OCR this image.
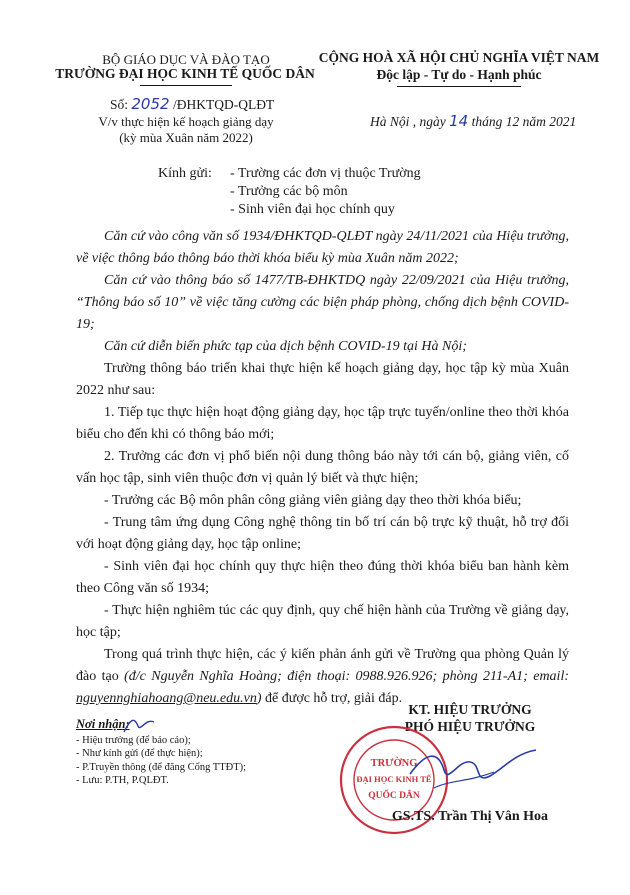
BỘ GIÁO DỤC VÀ ĐÀO TẠO
TRƯỜNG ĐẠI HỌC KINH TẾ QUỐC DÂN
CỘNG HOÀ XÃ HỘI CHỦ NGHĨA VIỆT NAM
Độc lập - Tự do - Hạnh phúc
Số: 2052 /ĐHKTQD-QLĐT
V/v thực hiện kế hoạch giảng dạy
(kỳ mùa Xuân năm 2022)
Hà Nội , ngày 14 tháng 12 năm 2021
Kính gửi: - Trường các đơn vị thuộc Trường
- Trưởng các bộ môn
- Sinh viên đại học chính quy

Căn cứ vào công văn số 1934/ĐHKTQD-QLĐT ngày 24/11/2021 của Hiệu trưởng, về việc thông báo thông báo thời khóa biểu kỳ mùa Xuân năm 2022;

Căn cứ vào thông báo số 1477/TB-ĐHKTDQ ngày 22/09/2021 của Hiệu trưởng, “Thông báo số 10” về việc tăng cường các biện pháp phòng, chống dịch bệnh COVID-19;

Căn cứ diễn biến phức tạp của dịch bệnh COVID-19 tại Hà Nội;

Trường thông báo triển khai thực hiện kế hoạch giảng dạy, học tập kỳ mùa Xuân 2022 như sau:

1. Tiếp tục thực hiện hoạt động giảng dạy, học tập trực tuyến/online theo thời khóa biểu cho đến khi có thông báo mới;

2. Trưởng các đơn vị phổ biến nội dung thông báo này tới cán bộ, giảng viên, cố vấn học tập, sinh viên thuộc đơn vị quản lý biết và thực hiện;

- Trưởng các Bộ môn phân công giảng viên giảng dạy theo thời khóa biểu;

- Trung tâm ứng dụng Công nghệ thông tin bố trí cán bộ trực kỹ thuật, hỗ trợ đối với hoạt động giảng dạy, học tập online;

- Sinh viên đại học chính quy thực hiện theo đúng thời khóa biểu ban hành kèm theo Công văn số 1934;

- Thực hiện nghiêm túc các quy định, quy chế hiện hành của Trường về giảng dạy, học tập;

Trong quá trình thực hiện, các ý kiến phản ánh gửi về Trường qua phòng Quản lý đào tạo (đ/c Nguyễn Nghĩa Hoàng; điện thoại: 0988.926.926; phòng 211-A1; email: nguyennghiahoang@neu.edu.vn) để được hỗ trợ, giải đáp.

Nơi nhận:
- Hiệu trưởng (để báo cáo);
- Như kính gửi (để thực hiện);
- P.Truyền thông (để đăng Cổng TTĐT);
- Lưu: P.TH, P.QLĐT.
KT. HIỆU TRƯỞNG
PHÓ HIỆU TRƯỞNG
TRƯỜNG
ĐẠI HỌC KINH TẾ
QUỐC DÂN
GS.TS. Trần Thị Vân Hoa
